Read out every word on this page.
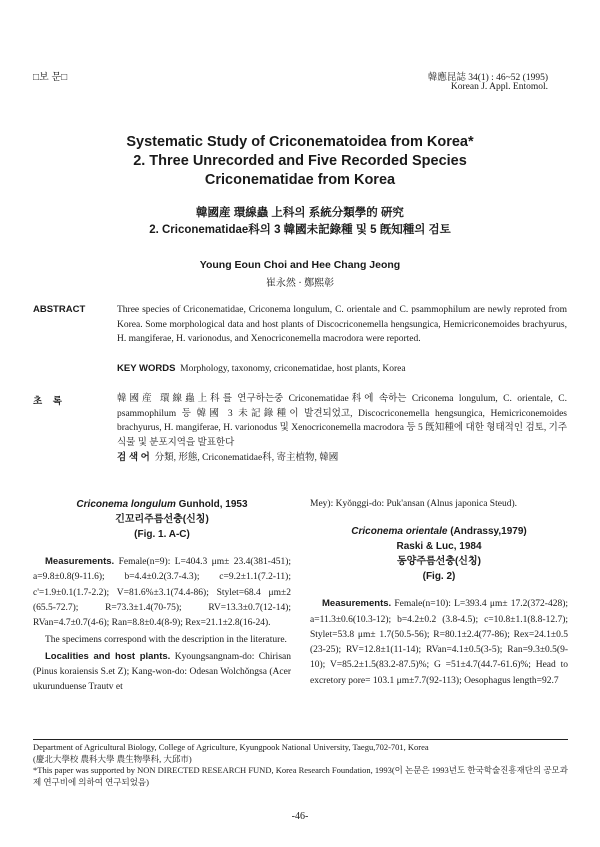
□보 문□	韓應昆誌 34(1) : 46~52 (1995)
Korean J. Appl. Entomol.
Systematic Study of Criconematoidea from Korea*
2. Three Unrecorded and Five Recorded Species
Criconematidae from Korea
韓國産 環線蟲 上科의 系統分類學的 硏究
2. Criconematidae科의 3 韓國未記錄種 및 5 旣知種의 검토
Young Eoun Choi and Hee Chang Jeong
崔永然 · 鄭熙彰
ABSTRACT	Three species of Criconematidae, Criconema longulum, C. orientale and C. psammophilum are newly reproted from Korea. Some morphological data and host plants of Discocriconemella hengsungica, Hemicriconemoides brachyurus, H. mangiferae, H. varionodus, and Xenocriconemella macrodora were reported.
KEY WORDS Morphology, taxonomy, criconematidae, host plants, Korea
초    록	韓國産 環線蟲上科를 연구하는중 Criconematidae科에 속하는 Criconema longulum, C. orientale, C. psammophilum 등 韓國 3 未記錄種이 발견되었고, Discocriconemella hengsungica, Hemicriconemoides brachyurus, H. mangiferae, H. varionodus 및 Xenocriconemella macrodora 등 5 旣知種에 대한 형태적인 검토, 기주식물 및 분포지역을 발표한다
검 색 어 分類, 形態, Criconematidae科, 寄主植物, 韓國
Criconema longulum Gunhold, 1953
긴꼬리주름선충(신칭)
(Fig. 1. A-C)
Measurements. Female(n=9): L=404.3 μm± 23.4(381-451); a=9.8±0.8(9-11.6); b=4.4±0.2(3.7-4.3); c=9.2±1.1(7.2-11); c'=1.9±0.1(1.7-2.2); V=81.6%±3.1(74.4-86); Stylet=68.4 μm±2 (65.5-72.7); R=73.3±1.4(70-75); RV=13.3±0.7(12-14); RVan=4.7±0.7(4-6); Ran=8.8±0.4(8-9); Rex=21.1±2.8(16-24).
The specimens correspond with the description in the literature.
Localities and host plants. Kyoungsangnam-do: Chirisan (Pinus koraiensis S.et Z); Kang-won-do: Odesan Wolchŏngsa (Acer ukurunduense Trautv et
Mey): Kyŏnggi-do: Puk'ansan (Alnus japonica Steud).
Criconema orientale (Andrassy,1979)
Raski & Luc, 1984
동양주름선충(신칭)
(Fig. 2)
Measurements. Female(n=10): L=393.4 μm± 17.2(372-428); a=11.3±0.6(10.3-12); b=4.2±0.2 (3.8-4.5); c=10.8±1.1(8.8-12.7); Stylet=53.8 μm± 1.7(50.5-56); R=80.1±2.4(77-86); Rex=24.1±0.5 (23-25); RV=12.8±1(11-14); RVan=4.1±0.5(3-5); Ran=9.3±0.5(9-10); V=85.2±1.5(83.2-87.5)%; G =51±4.7(44.7-61.6)%; Head to excretory pore= 103.1 μm±7.7(92-113); Oesophagus length=92.7
Department of Agricultural Biology, College of Agriculture, Kyungpook National University, Taegu,702-701, Korea
(慶北大學校 農科大學 農生物學科, 大邱市)
*This paper was supported by NON DIRECTED RESEARCH FUND, Korea Research Foundation, 1993(이 논문은 1993년도 한국학술진흥재단의 공모과제 연구비에 의하여 연구되었음)
-46-
